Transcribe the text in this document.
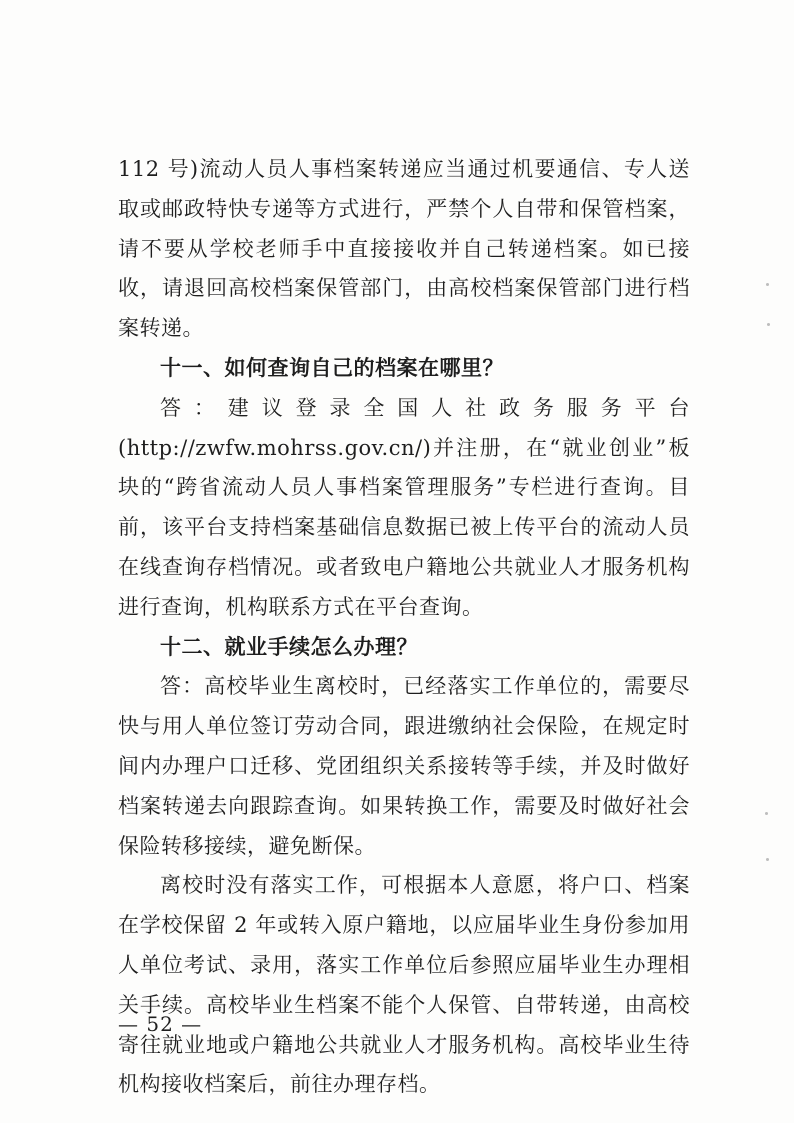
112 号)流动人员人事档案转递应当通过机要通信、专人送取或邮政特快专递等方式进行，严禁个人自带和保管档案，请不要从学校老师手中直接接收并自己转递档案。如已接收，请退回高校档案保管部门，由高校档案保管部门进行档案转递。

十一、如何查询自己的档案在哪里？

答：建议登录全国人社政务服务平台(http://zwfw.mohrss.gov.cn/)并注册，在“就业创业”板块的“跨省流动人员人事档案管理服务”专栏进行查询。目前，该平台支持档案基础信息数据已被上传平台的流动人员在线查询存档情况。或者致电户籍地公共就业人才服务机构进行查询，机构联系方式在平台查询。

十二、就业手续怎么办理？

答：高校毕业生离校时，已经落实工作单位的，需要尽快与用人单位签订劳动合同，跟进缴纳社会保险，在规定时间内办理户口迁移、党团组织关系接转等手续，并及时做好档案转递去向跟踪查询。如果转换工作，需要及时做好社会保险转移接续，避免断保。

离校时没有落实工作，可根据本人意愿，将户口、档案在学校保留 2 年或转入原户籍地，以应届毕业生身份参加用人单位考试、录用，落实工作单位后参照应届毕业生办理相关手续。高校毕业生档案不能个人保管、自带转递，由高校寄往就业地或户籍地公共就业人才服务机构。高校毕业生待机构接收档案后，前往办理存档。

— 52 —
